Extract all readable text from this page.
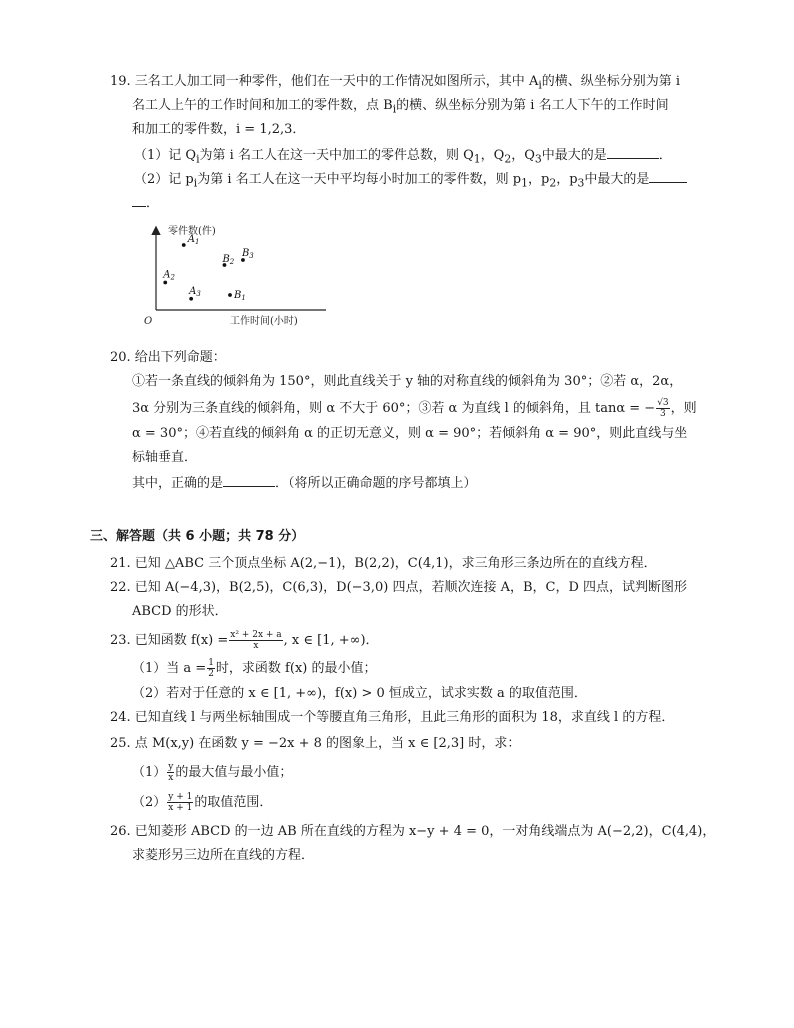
19. 三名工人加工同一种零件，他们在一天中的工作情况如图所示，其中 $A_i$的横、纵坐标分别为第 i
名工人上午的工作时间和加工的零件数，点 $B_i$的横、纵坐标分别为第 i 名工人下午的工作时间
和加工的零件数，i = 1,2,3．
（1）记 $Q_i$为第 i 名工人在这一天中加工的零件总数，则 $Q_1$，$Q_2$，$Q_3$中最大的是	．
（2）记 $p_i$为第 i 名工人在这一天中平均每小时加工的零件数，则 $p_1$，$p_2$，$p_3$中最大的是
．
零件数(件)
工作时间(小时)
O
$A_1$
$A_2$
$A_3$	$B_1$
$B_2$
$B_3$
20. 给出下列命题：
①若一条直线的倾斜角为 150°，则此直线关于 y 轴的对称直线的倾斜角为 30°；②若 α，2α，
3α 分别为三条直线的倾斜角，则 α 不大于 60°；③若 α 为直线 l 的倾斜角，且 tanα = − $\frac{√3}{3}$ ，则
α = 30°；④若直线的倾斜角 α 的正切无意义，则 α = 90°；若倾斜角 α = 90°，则此直线与坐
标轴垂直．
其中，正确的是	．（将所以正确命题的序号都填上）
三、解答题（共 6 小题；共 78 分）
21. 已知 △ABC 三个顶点坐标 A(2,−1)，B(2,2)，C(4,1)，求三角形三条边所在的直线方程．
22. 已知 A(−4,3)，B(2,5)，C(6,3)，D(−3,0) 四点，若顺次连接 A，B，C，D 四点，试判断图形
ABCD 的形状．
23. 已知函数 $f(x) = \frac{\text{x² + 2x + a}}{x}$ , x ∈ [1, +∞)．
（1）当 $a = \frac{1}{2}$ 时，求函数 f(x) 的最小值；
（2）若对于任意的 x ∈ [1, +∞)，f(x) > 0 恒成立，试求实数 a 的取值范围．
24. 已知直线 l 与两坐标轴围成一个等腰直角三角形，且此三角形的面积为 18，求直线 l 的方程．
25. 点 M(x,y) 在函数 y = −2x + 8 的图象上，当 x ∈ [2,3] 时，求：
$(1) \frac{y}{x}$ 的最大值与最小值；
$(2) \frac{y + 1}{x + 1}$ 的取值范围．
26. 已知菱形 ABCD 的一边 AB 所在直线的方程为 x−y + 4 = 0，一对角线端点为 A(−2,2)，C(4,4)，
求菱形另三边所在直线的方程．
